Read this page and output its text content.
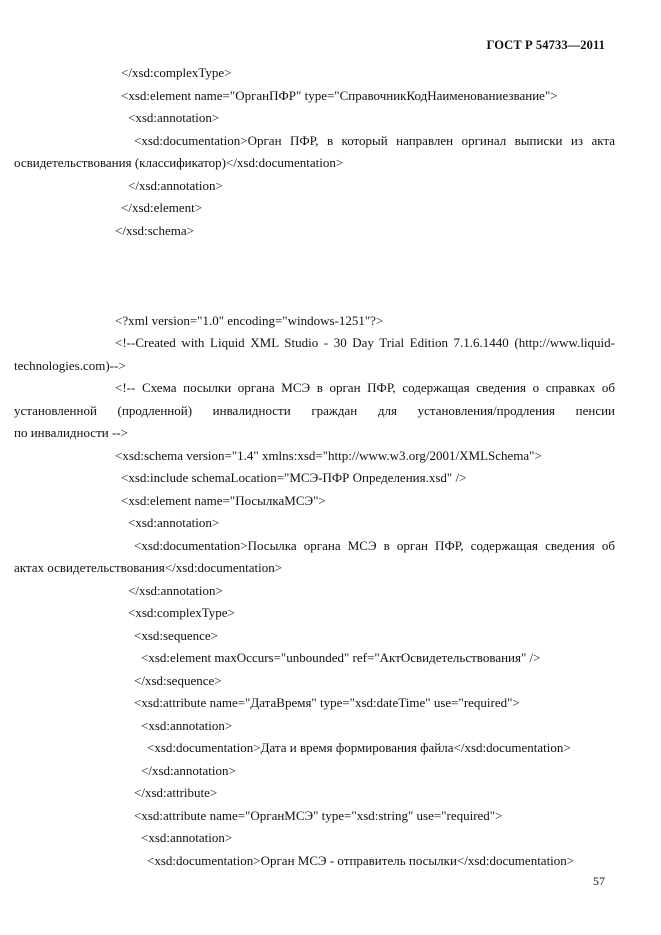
ГОСТ Р 54733—2011
</xsd:complexType>
<xsd:element name="ОрганПФР" type="СправочникКодНаименованиезвание">
<xsd:annotation>
<xsd:documentation>Орган ПФР, в который направлен оргинал выписки из акта
освидетельствования (классификатор)</xsd:documentation>
</xsd:annotation>
</xsd:element>
</xsd:schema>
<?xml version="1.0" encoding="windows-1251"?>
<!--Created with Liquid XML Studio - 30 Day Trial Edition 7.1.6.1440 (http://www.liquid-
technologies.com)-->
<!-- Схема посылки органа МСЭ в орган ПФР, содержащая сведения о справках об
установленной (продленной) инвалидности граждан для установления/продления пенсии
по инвалидности -->
<xsd:schema version="1.4" xmlns:xsd="http://www.w3.org/2001/XMLSchema">
<xsd:include schemaLocation="МСЭ-ПФР Определения.xsd" />
<xsd:element name="ПосылкаМСЭ">
<xsd:annotation>
<xsd:documentation>Посылка органа МСЭ в орган ПФР, содержащая сведения об
актах освидетельствования</xsd:documentation>
</xsd:annotation>
<xsd:complexType>
<xsd:sequence>
<xsd:element maxOccurs="unbounded" ref="АктОсвидетельствования" />
</xsd:sequence>
<xsd:attribute name="ДатаВремя" type="xsd:dateTime" use="required">
<xsd:annotation>
<xsd:documentation>Дата и время формирования файла</xsd:documentation>
</xsd:annotation>
</xsd:attribute>
<xsd:attribute name="ОрганМСЭ" type="xsd:string" use="required">
<xsd:annotation>
<xsd:documentation>Орган МСЭ - отправитель посылки</xsd:documentation>
57
